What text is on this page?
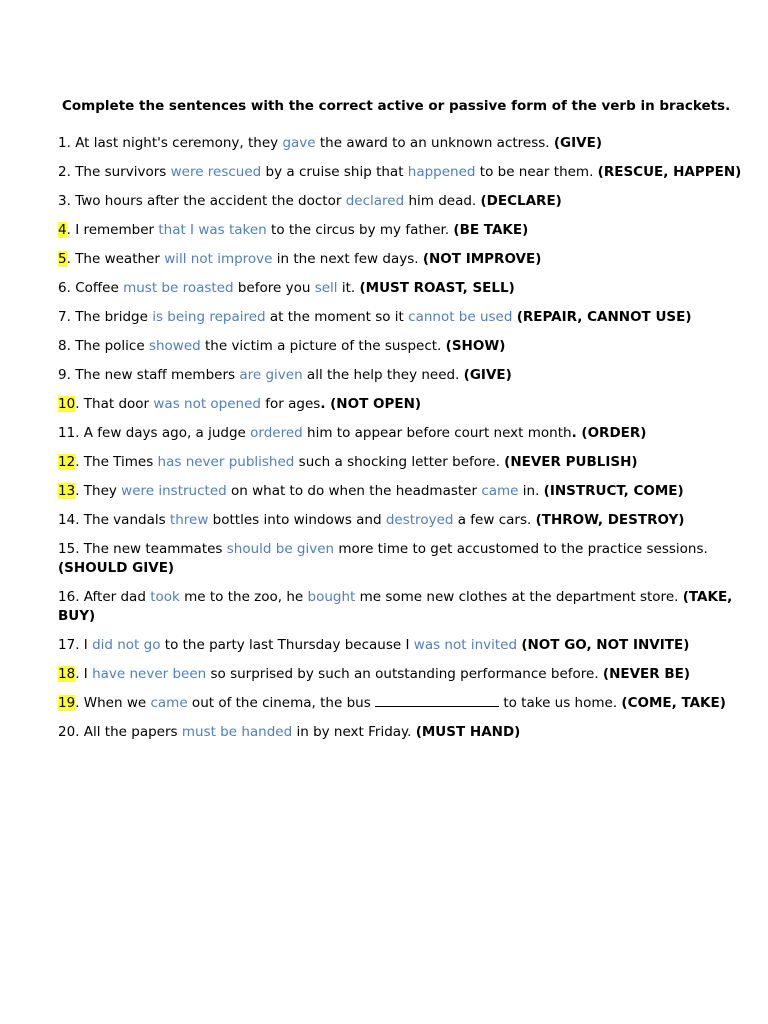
Complete the sentences with the correct active or passive form of the verb in brackets.
1. At last night's ceremony, they gave the award to an unknown actress. (GIVE)
2. The survivors were rescued by a cruise ship that happened to be near them. (RESCUE, HAPPEN)
3. Two hours after the accident the doctor declared him dead. (DECLARE)
4. I remember that I was taken to the circus by my father. (BE TAKE)
5. The weather will not improve in the next few days. (NOT IMPROVE)
6. Coffee must be roasted before you sell it. (MUST ROAST, SELL)
7. The bridge is being repaired at the moment so it cannot be used (REPAIR, CANNOT USE)
8. The police showed the victim a picture of the suspect. (SHOW)
9. The new staff members are given all the help they need. (GIVE)
10. That door was not opened for ages. (NOT OPEN)
11. A few days ago, a judge ordered him to appear before court next month. (ORDER)
12. The Times has never published such a shocking letter before. (NEVER PUBLISH)
13. They were instructed on what to do when the headmaster came in. (INSTRUCT, COME)
14. The vandals threw bottles into windows and destroyed a few cars. (THROW, DESTROY)
15. The new teammates should be given more time to get accustomed to the practice sessions. (SHOULD GIVE)
16. After dad took me to the zoo, he bought me some new clothes at the department store. (TAKE, BUY)
17. I did not go to the party last Thursday because I was not invited (NOT GO, NOT INVITE)
18. I have never been so surprised by such an outstanding performance before. (NEVER BE)
19. When we came out of the cinema, the bus	to take us home. (COME, TAKE)
20. All the papers must be handed in by next Friday. (MUST HAND)
